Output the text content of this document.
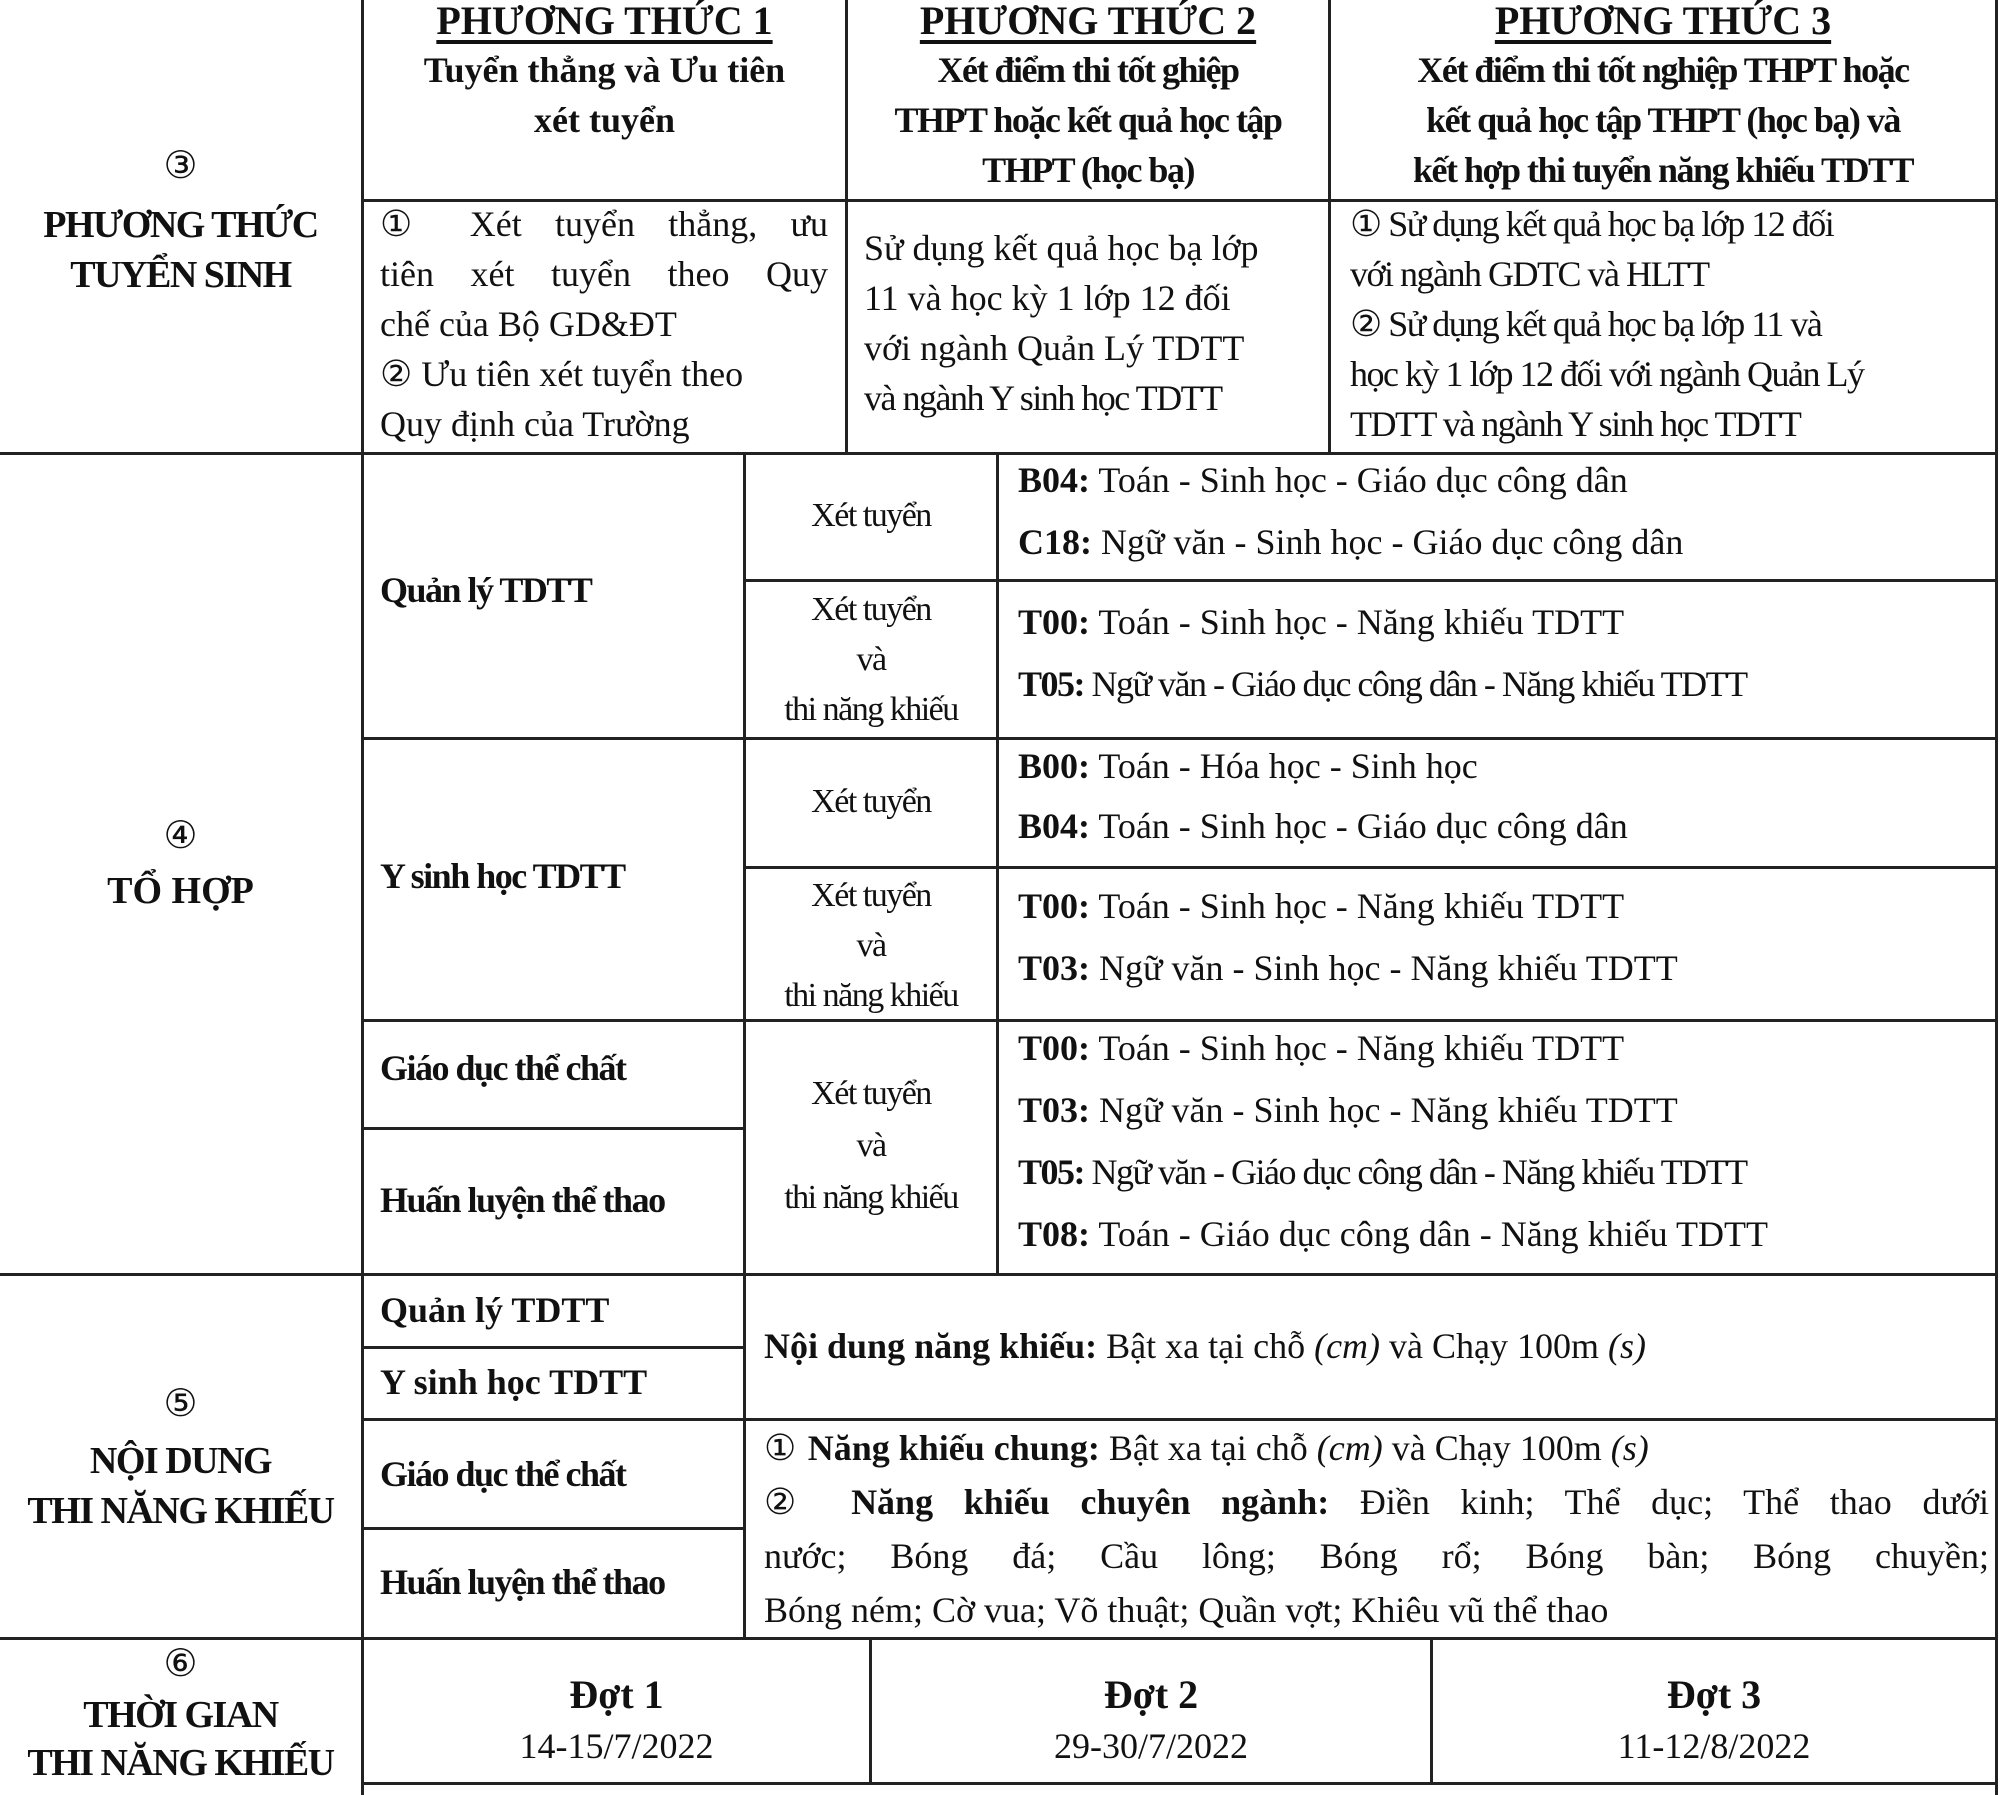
③
PHƯƠNG THỨC
TUYỂN SINH
PHƯƠNG THỨC 1
Tuyển thẳng và Ưu tiên
xét tuyển
① Xét tuyển thẳng, ưu
tiên xét tuyển theo Quy
chế của Bộ GD&ĐT
② Ưu tiên xét tuyển theo
Quy định của Trường
PHƯƠNG THỨC 2
Xét điểm thi tốt ghiệp
THPT hoặc kết quả học tập
THPT (học bạ)
Sử dụng kết quả học bạ lớp
11 và học kỳ 1 lớp 12 đối
với ngành Quản Lý TDTT
và ngành Y sinh học TDTT
PHƯƠNG THỨC 3
Xét điểm thi tốt nghiệp THPT hoặc
kết quả học tập THPT (học bạ) và
kết hợp thi tuyển năng khiếu TDTT
① Sử dụng kết quả học bạ lớp 12 đối
với ngành GDTC và HLTT
② Sử dụng kết quả học bạ lớp 11 và
học kỳ 1 lớp 12 đối với ngành Quản Lý
TDTT và ngành Y sinh học TDTT
④
TỔ HỢP
Quản lý TDTT
Y sinh học TDTT
Giáo dục thể chất
Huấn luyện thể thao
Xét tuyển
Xét tuyển
và
thi năng khiếu
Xét tuyển
Xét tuyển
và
thi năng khiếu
Xét tuyển
và
thi năng khiếu
B04: Toán - Sinh học - Giáo dục công dân
C18: Ngữ văn - Sinh học - Giáo dục công dân
T00: Toán - Sinh học - Năng khiếu TDTT
T05: Ngữ văn - Giáo dục công dân - Năng khiếu TDTT
B00: Toán - Hóa học - Sinh học
B04: Toán - Sinh học - Giáo dục công dân
T00: Toán - Sinh học - Năng khiếu TDTT
T03: Ngữ văn - Sinh học - Năng khiếu TDTT
T00: Toán - Sinh học - Năng khiếu TDTT
T03: Ngữ văn - Sinh học - Năng khiếu TDTT
T05: Ngữ văn - Giáo dục công dân - Năng khiếu TDTT
T08: Toán - Giáo dục công dân - Năng khiếu TDTT
⑤
NỘI DUNG
THI NĂNG KHIẾU
Quản lý TDTT
Y sinh học TDTT
Giáo dục thể chất
Huấn luyện thể thao
Nội dung năng khiếu: Bật xa tại chỗ (cm) và Chạy 100m (s)
① Năng khiếu chung: Bật xa tại chỗ (cm) và Chạy 100m (s)
② Năng khiếu chuyên ngành: Điền kinh; Thể dục; Thể thao dưới
nước; Bóng đá; Cầu lông; Bóng rổ; Bóng bàn; Bóng chuyền;
Bóng ném; Cờ vua; Võ thuật; Quần vợt; Khiêu vũ thể thao
⑥
THỜI GIAN
THI NĂNG KHIẾU
Đợt 1
14-15/7/2022
Đợt 2
29-30/7/2022
Đợt 3
11-12/8/2022
